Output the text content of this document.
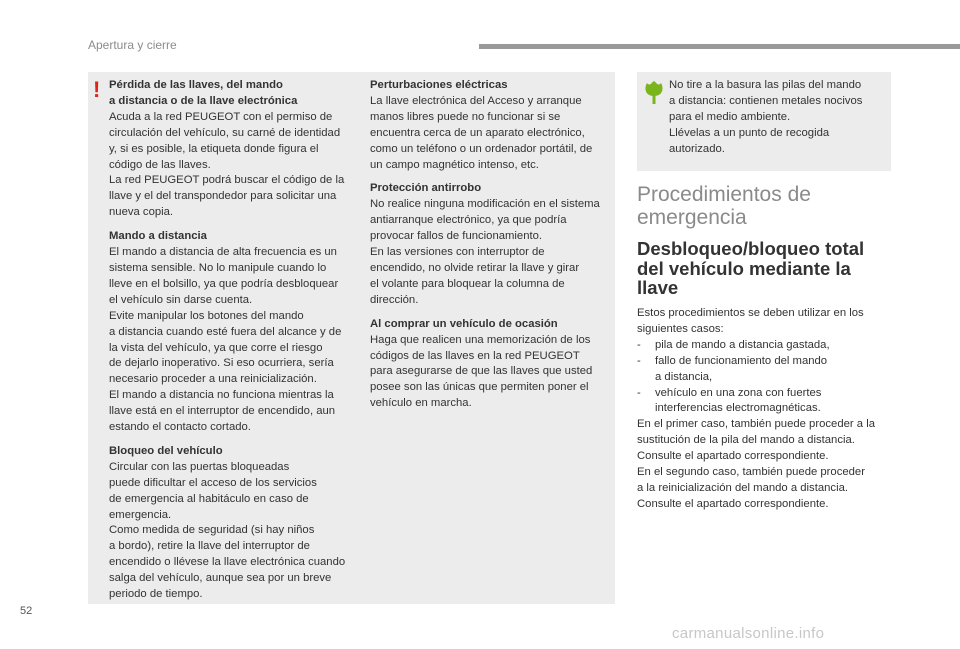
Apertura y cierre
! Pérdida de las llaves, del mando
a distancia o de la llave electrónica
Acuda a la red PEUGEOT con el permiso de
circulación del vehículo, su carné de identidad
y, si es posible, la etiqueta donde figura el
código de las llaves.
La red PEUGEOT podrá buscar el código de la
llave y el del transpondedor para solicitar una
nueva copia.
Mando a distancia
El mando a distancia de alta frecuencia es un
sistema sensible. No lo manipule cuando lo
lleve en el bolsillo, ya que podría desbloquear
el vehículo sin darse cuenta.
Evite manipular los botones del mando
a distancia cuando esté fuera del alcance y de
la vista del vehículo, ya que corre el riesgo
de dejarlo inoperativo. Si eso ocurriera, sería
necesario proceder a una reinicialización.
El mando a distancia no funciona mientras la
llave está en el interruptor de encendido, aun
estando el contacto cortado.
Bloqueo del vehículo
Circular con las puertas bloqueadas
puede dificultar el acceso de los servicios
de emergencia al habitáculo en caso de
emergencia.
Como medida de seguridad (si hay niños
a bordo), retire la llave del interruptor de
encendido o llévese la llave electrónica cuando
salga del vehículo, aunque sea por un breve
periodo de tiempo.
Perturbaciones eléctricas
La llave electrónica del Acceso y arranque
manos libres puede no funcionar si se
encuentra cerca de un aparato electrónico,
como un teléfono o un ordenador portátil, de
un campo magnético intenso, etc.
Protección antirrobo
No realice ninguna modificación en el sistema
antiarranque electrónico, ya que podría
provocar fallos de funcionamiento.
En las versiones con interruptor de
encendido, no olvide retirar la llave y girar
el volante para bloquear la columna de
dirección.
Al comprar un vehículo de ocasión
Haga que realicen una memorización de los
códigos de las llaves en la red PEUGEOT
para asegurarse de que las llaves que usted
posee son las únicas que permiten poner el
vehículo en marcha.
No tire a la basura las pilas del mando
a distancia: contienen metales nocivos
para el medio ambiente.
Llévelas a un punto de recogida
autorizado.
Procedimientos de
emergencia
Desbloqueo/bloqueo total
del vehículo mediante la
llave
Estos procedimientos se deben utilizar en los
siguientes casos:
- pila de mando a distancia gastada,
- fallo de funcionamiento del mando
a distancia,
- vehículo en una zona con fuertes
interferencias electromagnéticas.
En el primer caso, también puede proceder a la
sustitución de la pila del mando a distancia.
Consulte el apartado correspondiente.
En el segundo caso, también puede proceder
a la reinicialización del mando a distancia.
Consulte el apartado correspondiente.
52
carmanualsonline.info
